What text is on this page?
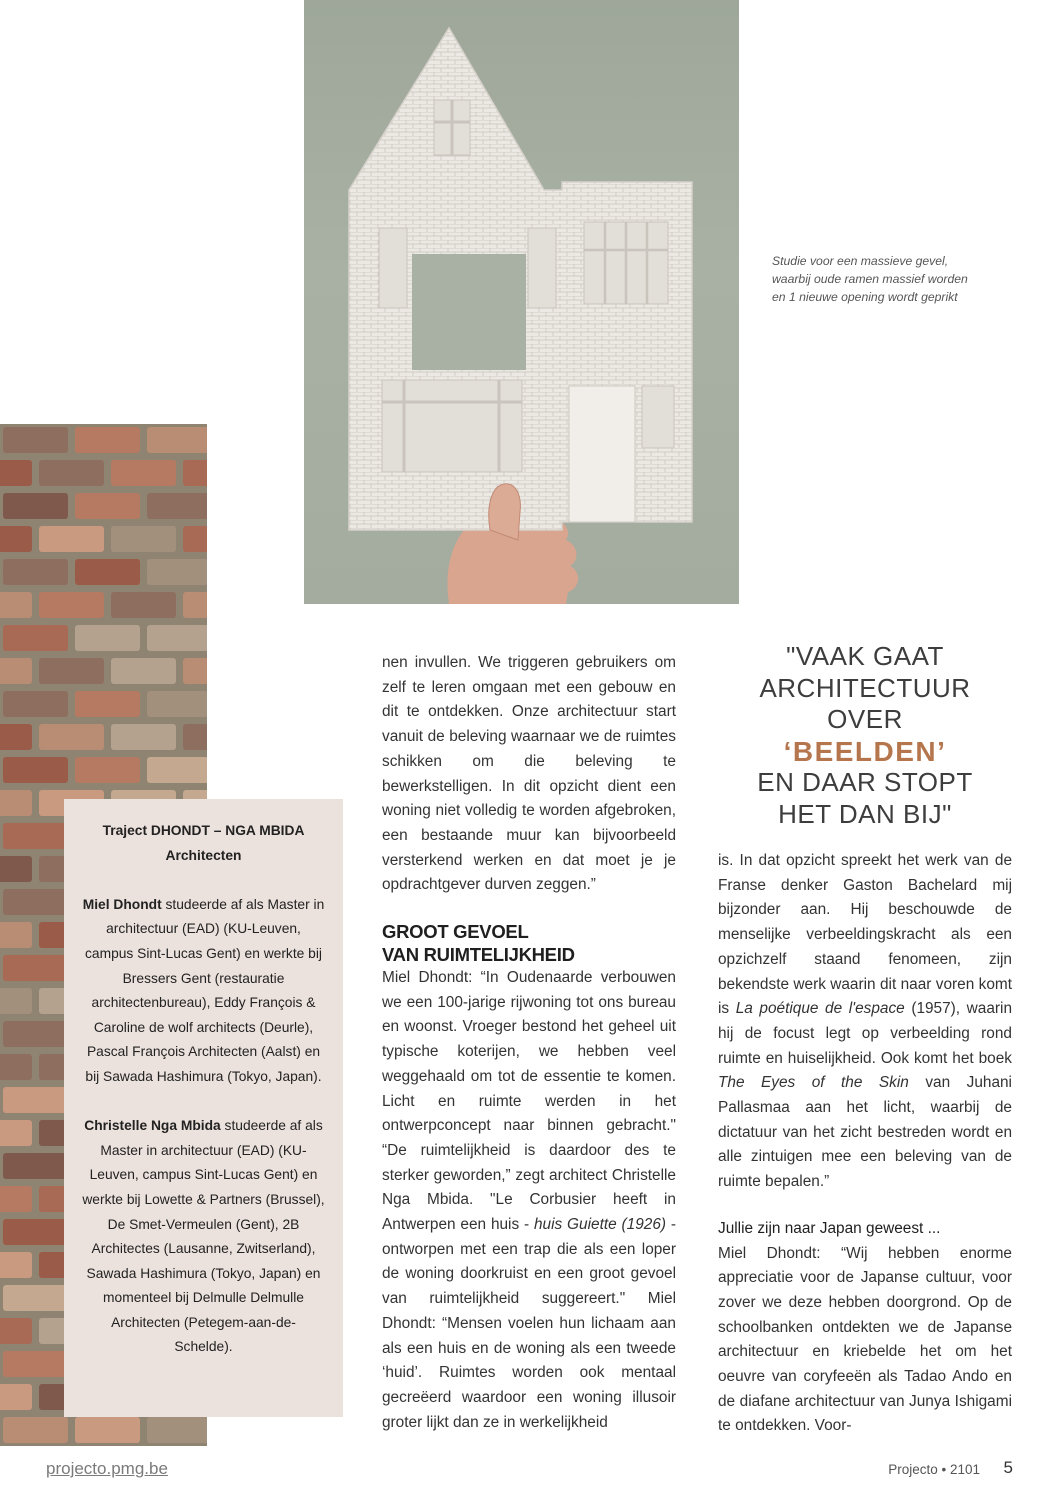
Studie voor een massieve gevel,
waarbij oude ramen massief worden
en 1 nieuwe opening wordt geprikt

Traject DHONDT – NGA MBIDA
Architecten

Miel Dhondt studeerde af als Master in architectuur (EAD) (KU-Leuven, campus Sint-Lucas Gent) en werkte bij Bressers Gent (restauratie architectenbureau), Eddy François & Caroline de wolf architects (Deurle), Pascal François Architecten (Aalst) en bij Sawada Hashimura (Tokyo, Japan).

Christelle Nga Mbida studeerde af als Master in architectuur (EAD) (KU-Leuven, campus Sint-Lucas Gent) en werkte bij Lowette & Partners (Brussel), De Smet-Vermeulen (Gent), 2B Architectes (Lausanne, Zwitserland), Sawada Hashimura (Tokyo, Japan) en momenteel bij Delmulle Delmulle Architecten (Petegem-aan-de-Schelde).

nen invullen. We triggeren gebruikers om zelf te leren omgaan met een gebouw en dit te ontdekken. Onze architectuur start vanuit de beleving waarnaar we de ruimtes schikken om die beleving te bewerkstelligen. In dit opzicht dient een woning niet volledig te worden afgebroken, een bestaande muur kan bijvoorbeeld versterkend werken en dat moet je je opdrachtgever durven zeggen.”

GROOT GEVOEL
VAN RUIMTELIJKHEID

Miel Dhondt: “In Oudenaarde verbouwen we een 100-jarige rijwoning tot ons bureau en woonst. Vroeger bestond het geheel uit typische koterijen, we hebben veel weggehaald om tot de essentie te komen. Licht en ruimte werden in het ontwerpconcept naar binnen gebracht." “De ruimtelijkheid is daardoor des te sterker geworden,” zegt architect Christelle Nga Mbida. "Le Corbusier heeft in Antwerpen een huis - huis Guiette (1926) - ontworpen met een trap die als een loper de woning doorkruist en een groot gevoel van ruimtelijkheid suggereert." Miel Dhondt: “Mensen voelen hun lichaam aan als een huis en de woning als een tweede ‘huid’. Ruimtes worden ook mentaal gecreëerd waardoor een woning illusoir groter lijkt dan ze in werkelijkheid

"VAAK GAAT
ARCHITECTUUR OVER
‘BEELDEN’
EN DAAR STOPT
HET DAN BIJ"

is. In dat opzicht spreekt het werk van de Franse denker Gaston Bachelard mij bijzonder aan. Hij beschouwde de menselijke verbeeldingskracht als een opzichzelf staand fenomeen, zijn bekendste werk waarin dit naar voren komt is La poétique de l'espace (1957), waarin hij de focust legt op verbeelding rond ruimte en huiselijkheid. Ook komt het boek The Eyes of the Skin van Juhani Pallasmaa aan het licht, waarbij de dictatuur van het zicht bestreden wordt en alle zintuigen mee een beleving van de ruimte bepalen.”

Jullie zijn naar Japan geweest ...

Miel Dhondt: “Wij hebben enorme appreciatie voor de Japanse cultuur, voor zover we deze hebben doorgrond. Op de schoolbanken ontdekten we de Japanse architectuur en kriebelde het om het oeuvre van coryfeeën als Tadao Ando en de diafane architectuur van Junya Ishigami te ontdekken. Voor-

projecto.pmg.be	Projecto • 2101	5
